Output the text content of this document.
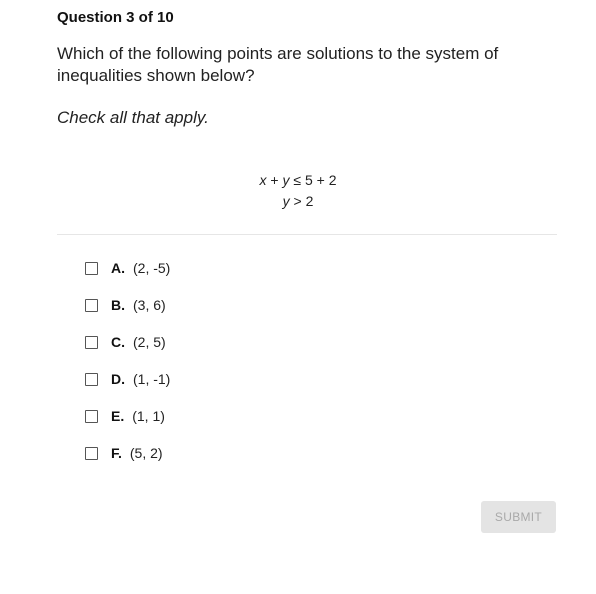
Question 3 of 10
Which of the following points are solutions to the system of inequalities shown below?
Check all that apply.
x + y ≤ 5 + 2
y > 2
A. (2, -5)
B. (3, 6)
C. (2, 5)
D. (1, -1)
E. (1, 1)
F. (5, 2)
SUBMIT
